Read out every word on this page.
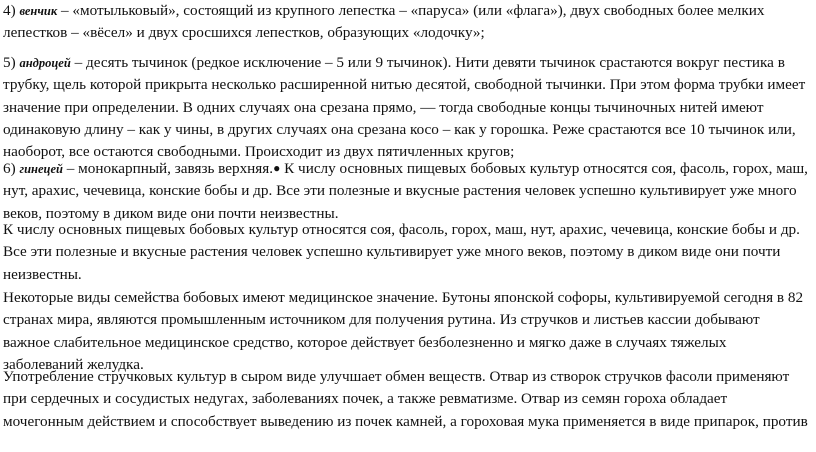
4) венчик – «мотыльковый», состоящий из крупного лепестка – «паруса» (или «флага»), двух свободных более мелких лепестков – «вёсел» и двух сросшихся лепестков, образующих «лодочку»;

5) андроцей – десять тычинок (редкое исключение – 5 или 9 тычинок). Нити девяти тычинок срастаются вокруг пестика в трубку, щель которой прикрыта несколько расширенной нитью десятой, свободной тычинки. При этом форма трубки имеет значение при определении. В одних случаях она срезана прямо, — тогда свободные концы тычиночных нитей имеют одинаковую длину – как у чины, в других случаях она срезана косо – как у горошка. Реже срастаются все 10 тычинок или, наоборот, все остаются свободными. Происходит из двух пятичленных кругов;

6) гинецей – монокарпный, завязь верхняя.● К числу основных пищевых бобовых культур относятся соя, фасоль, горох, маш, нут, арахис, чечевица, конские бобы и др. Все эти полезные и вкусные растения человек успешно культивирует уже много веков, поэтому в диком виде они почти неизвестны.

К числу основных пищевых бобовых культур относятся соя, фасоль, горох, маш, нут, арахис, чечевица, конские бобы и др. Все эти полезные и вкусные растения человек успешно культивирует уже много веков, поэтому в диком виде они почти неизвестны.

Некоторые виды семейства бобовых имеют медицинское значение. Бутоны японской софоры, культивируемой сегодня в 82 странах мира, являются промышленным источником для получения рутина. Из стручков и листьев кассии добывают важное слабительное медицинское средство, которое действует безболезненно и мягко даже в случаях тяжелых заболеваний желудка.

Употребление стручковых культур в сыром виде улучшает обмен веществ. Отвар из створок стручков фасоли применяют при сердечных и сосудистых недугах, заболеваниях почек, а также ревматизме. Отвар из семян гороха обладает мочегонным действием и способствует выведению из почек камней, а гороховая мука применяется в виде припарок, против
